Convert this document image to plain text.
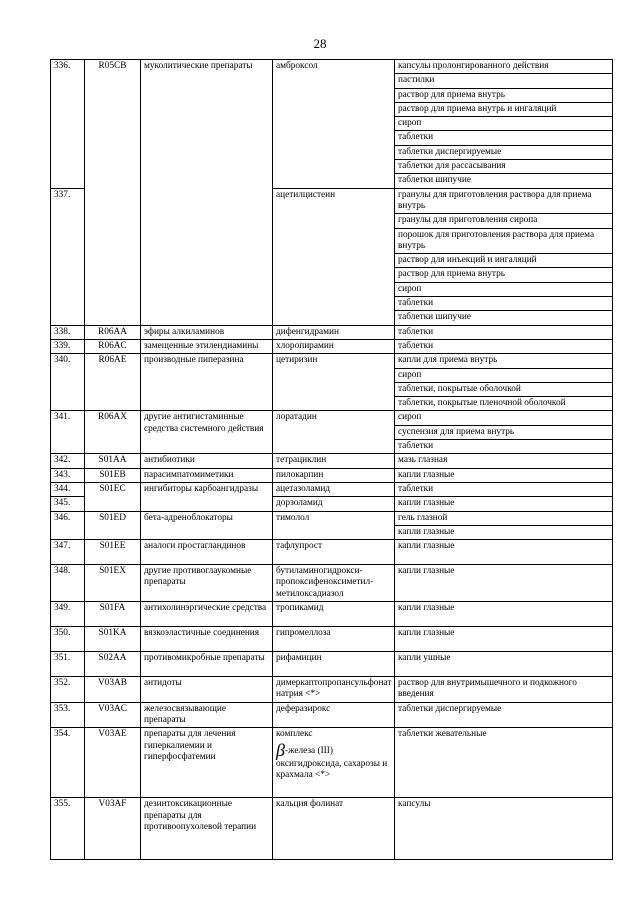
28
336.	R05CB	муколитические препараты	амброксол	капсулы пролонгированного действия
				пастилки
				раствор для приема внутрь
				раствор для приема внутрь и ингаляций
				сироп
				таблетки
				таблетки диспергируемые
				таблетки для рассасывания
				таблетки шипучие
337.			ацетилцистеин	гранулы для приготовления раствора для приема внутрь
				гранулы для приготовления сиропа
				порошок для приготовления раствора для приема внутрь
				раствор для инъекций и ингаляций
				раствор для приема внутрь
				сироп
				таблетки
				таблетки шипучие
338.	R06AA	эфиры алкиламинов	дифенгидрамин	таблетки
339.	R06AC	замещенные этилендиамины	хлоропирамин	таблетки
340.	R06AE	производные пиперазина	цетиризин	капли для приема внутрь
				сироп
				таблетки, покрытые оболочкой
				таблетки, покрытые пленочной оболочкой
341.	R06AX	другие антигистаминные средства системного действия	лоратадин	сироп
				суспензия для приема внутрь
				таблетки
342.	S01AA	антибиотики	тетрациклин	мазь глазная
343.	S01EB	парасимпатомиметики	пилокарпин	капли глазные
344.	S01EC	ингибиторы карбоангидразы	ацетазоламид	таблетки
345.			дорзоламид	капли глазные
346.	S01ED	бета-адреноблокаторы	тимолол	гель глазной
				капли глазные
347.	S01EE	аналоги простагландинов	тафлупрост	капли глазные
348.	S01EX	другие противоглаукомные препараты	бутиламиногидрокси-пропоксифеноксиметил-метилоксадиазол	капли глазные
349.	S01FA	антихолинэргические средства	тропикамид	капли глазные
350.	S01KA	вязкоэластичные соединения	гипромеллоза	капли глазные
351.	S02AA	противомикробные препараты	рифамицин	капли ушные
352.	V03AB	антидоты	димеркаптопропансульфонат натрия <*>	раствор для внутримышечного и подкожного введения
353.	V03AC	железосвязывающие препараты	деферазирокс	таблетки диспергируемые
354.	V03AE	препараты для лечения гиперкалиемии и гиперфосфатемии	комплекс
β-железа (III) оксигидроксида, сахарозы и крахмала <*>	таблетки жевательные
355.	V03AF	дезинтоксикационные препараты для противоопухолевой терапии	кальция фолинат	капсулы
